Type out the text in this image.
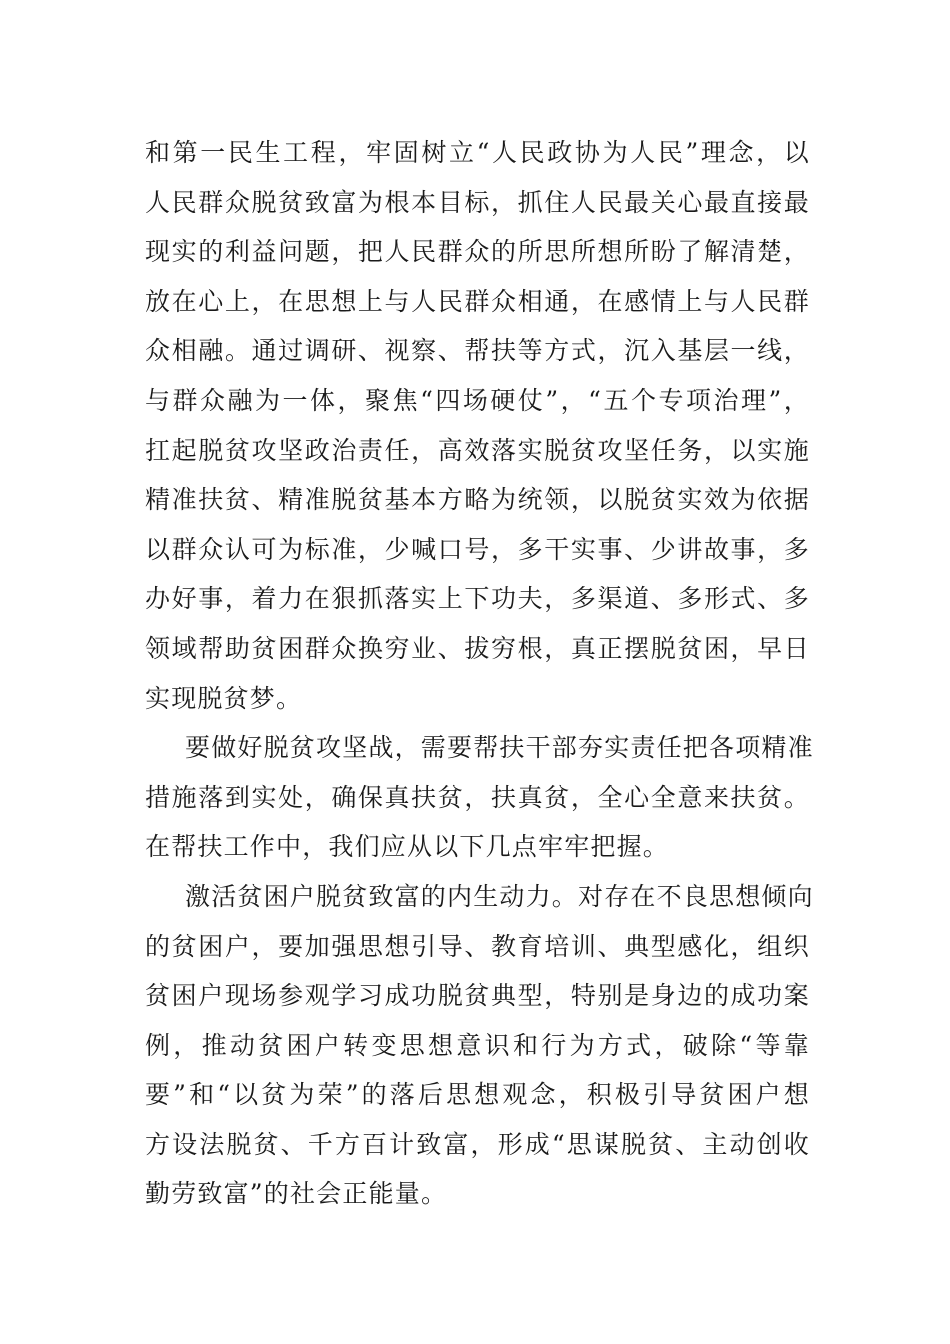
和第一民生工程，牢固树立“人民政协为人民”理念，以
人民群众脱贫致富为根本目标，抓住人民最关心最直接最
现实的利益问题，把人民群众的所思所想所盼了解清楚，
放在心上，在思想上与人民群众相通，在感情上与人民群
众相融。通过调研、视察、帮扶等方式，沉入基层一线，
与群众融为一体，聚焦“四场硬仗”，“五个专项治理”，
扛起脱贫攻坚政治责任，高效落实脱贫攻坚任务，以实施
精准扶贫、精准脱贫基本方略为统领，以脱贫实效为依据
以群众认可为标准，少喊口号，多干实事、少讲故事，多
办好事，着力在狠抓落实上下功夫，多渠道、多形式、多
领域帮助贫困群众换穷业、拔穷根，真正摆脱贫困，早日
实现脱贫梦。
要做好脱贫攻坚战，需要帮扶干部夯实责任把各项精准
措施落到实处，确保真扶贫，扶真贫，全心全意来扶贫。
在帮扶工作中，我们应从以下几点牢牢把握。
激活贫困户脱贫致富的内生动力。对存在不良思想倾向
的贫困户，要加强思想引导、教育培训、典型感化，组织
贫困户现场参观学习成功脱贫典型，特别是身边的成功案
例，推动贫困户转变思想意识和行为方式，破除“等靠
要”和“以贫为荣”的落后思想观念，积极引导贫困户想
方设法脱贫、千方百计致富，形成“思谋脱贫、主动创收
勤劳致富”的社会正能量。
